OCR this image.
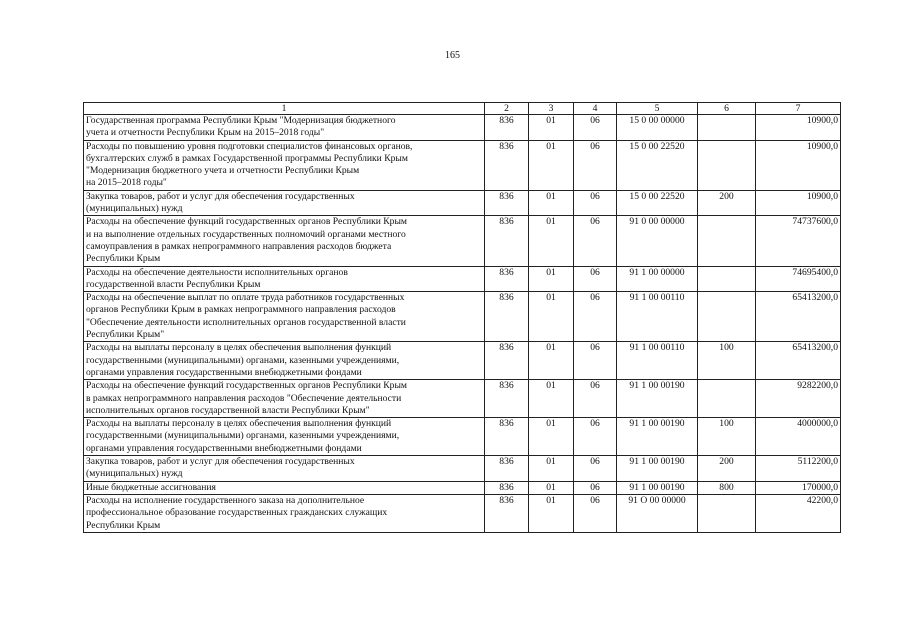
165
1	2	3	4	5	6	7
Государственная программа Республики Крым "Модернизация бюджетного
учета и отчетности Республики Крым на 2015–2018 годы"	836	01	06	15 0 00 00000		10900,0
Расходы по повышению уровня подготовки специалистов финансовых органов,
бухгалтерских служб в рамках Государственной программы Республики Крым
"Модернизация бюджетного учета и отчетности Республики Крым
на 2015–2018 годы"	836	01	06	15 0 00 22520		10900,0
Закупка товаров, работ и услуг для обеспечения государственных
(муниципальных) нужд	836	01	06	15 0 00 22520	200	10900,0
Расходы на обеспечение функций государственных органов Республики Крым
и на выполнение отдельных государственных полномочий органами местного
самоуправления в рамках непрограммного направления расходов бюджета
Республики Крым	836	01	06	91 0 00 00000		74737600,0
Расходы на обеспечение деятельности исполнительных органов
государственной власти Республики Крым	836	01	06	91 1 00 00000		74695400,0
Расходы на обеспечение выплат по оплате труда работников государственных
органов Республики Крым в рамках непрограммного направления расходов
"Обеспечение деятельности исполнительных органов государственной власти
Республики Крым"	836	01	06	91 1 00 00110		65413200,0
Расходы на выплаты персоналу в целях обеспечения выполнения функций
государственными (муниципальными) органами, казенными учреждениями,
органами управления государственными внебюджетными фондами	836	01	06	91 1 00 00110	100	65413200,0
Расходы на обеспечение функций государственных органов Республики Крым
в рамках непрограммного направления расходов "Обеспечение деятельности
исполнительных органов государственной власти Республики Крым"	836	01	06	91 1 00 00190		9282200,0
Расходы на выплаты персоналу в целях обеспечения выполнения функций
государственными (муниципальными) органами, казенными учреждениями,
органами управления государственными внебюджетными фондами	836	01	06	91 1 00 00190	100	4000000,0
Закупка товаров, работ и услуг для обеспечения государственных
(муниципальных) нужд	836	01	06	91 1 00 00190	200	5112200,0
Иные бюджетные ассигнования	836	01	06	91 1 00 00190	800	170000,0
Расходы на исполнение государственного заказа на дополнительное
профессиональное образование государственных гражданских служащих
Республики Крым	836	01	06	91 О 00 00000		42200,0
